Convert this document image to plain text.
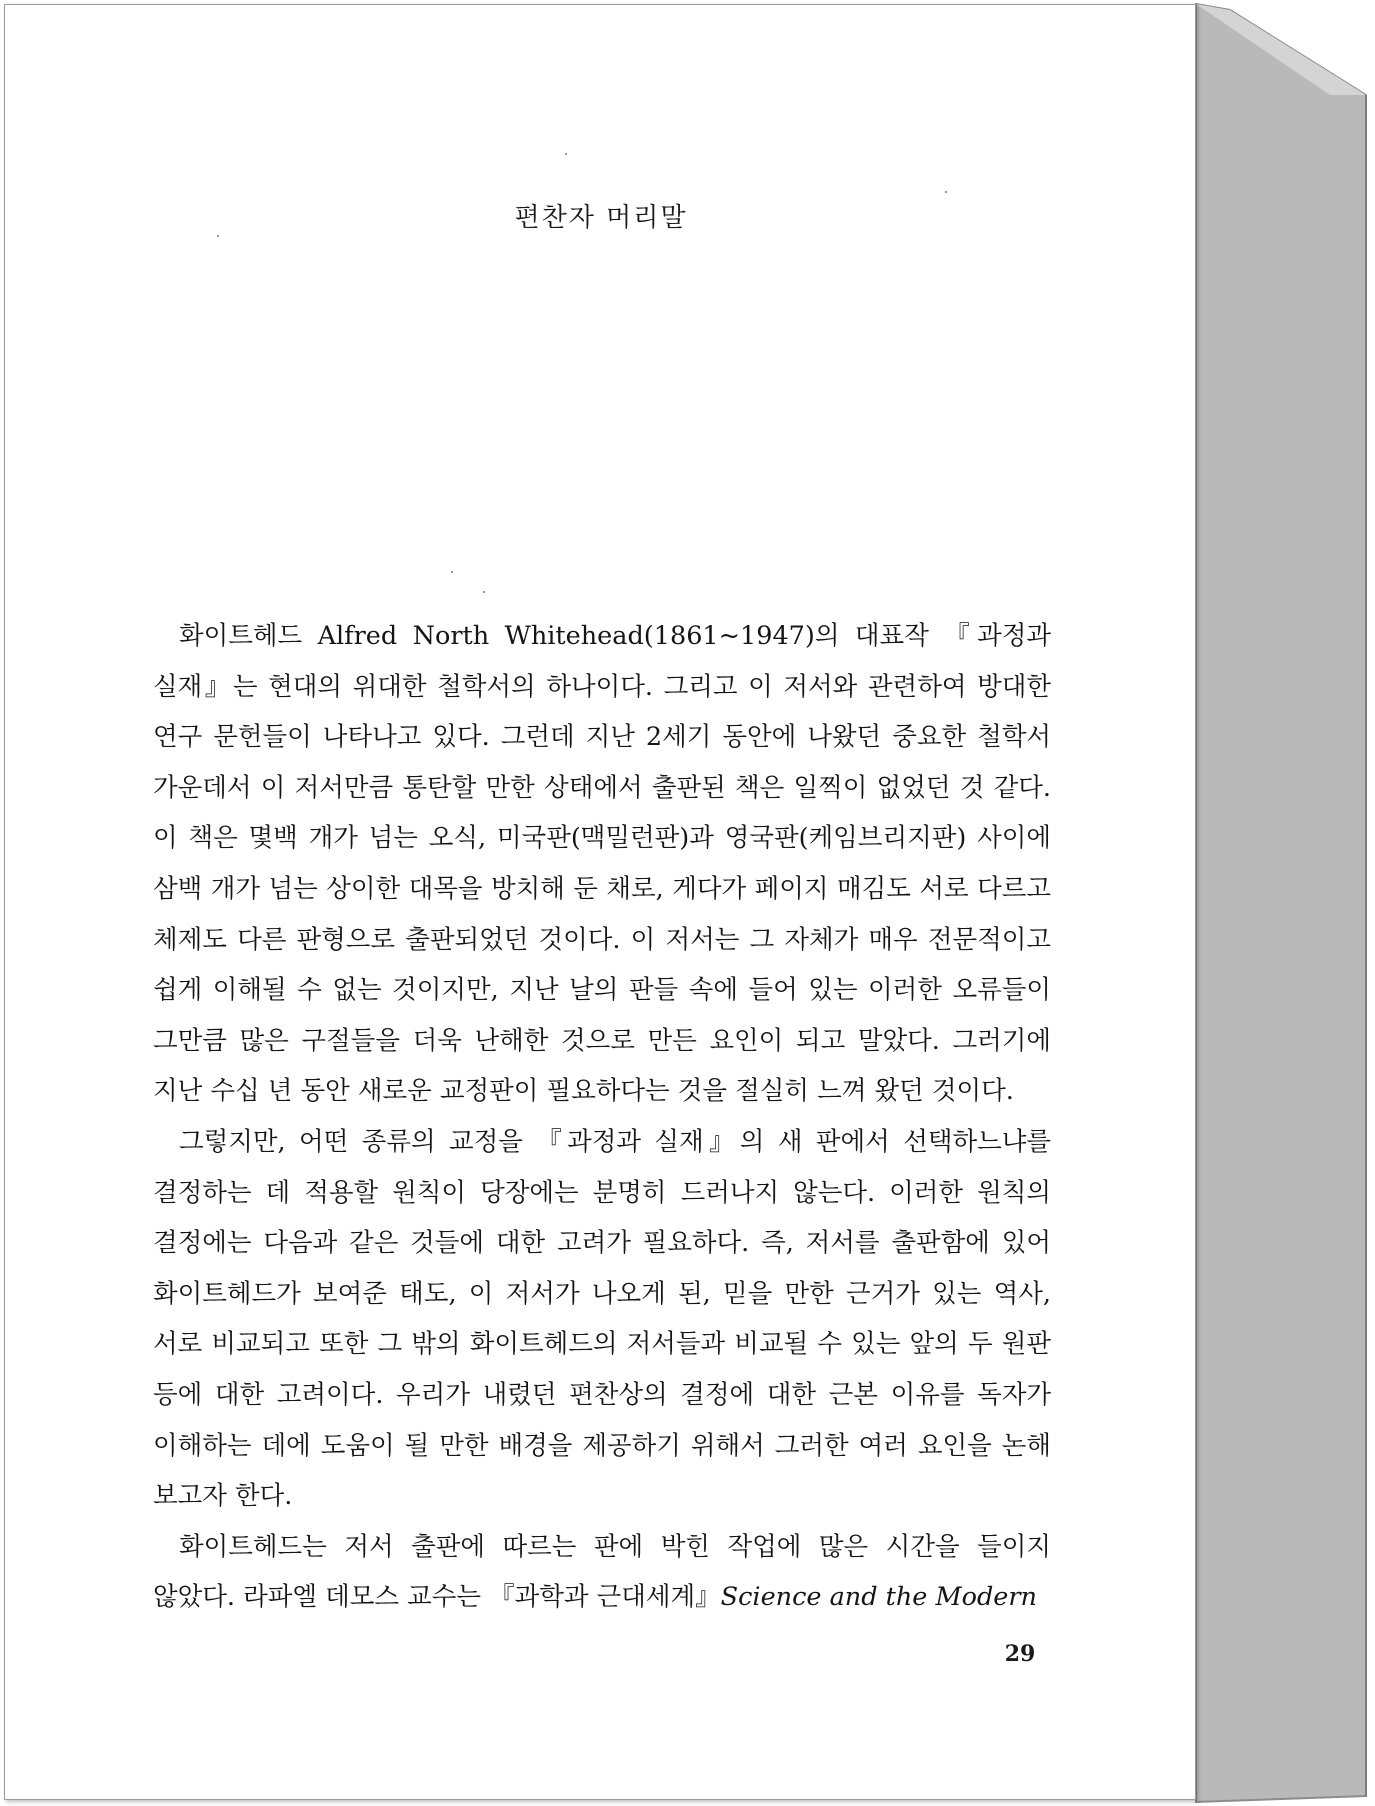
편찬자 머리말

화이트헤드 Alfred North Whitehead(1861~1947)의 대표작 『과정과 실재』는 현대의 위대한 철학서의 하나이다. 그리고 이 저서와 관련하여 방대한 연구 문헌들이 나타나고 있다. 그런데 지난 2세기 동안에 나왔던 중요한 철학서 가운데서 이 저서만큼 통탄할 만한 상태에서 출판된 책은 일찍이 없었던 것 같다. 이 책은 몇백 개가 넘는 오식, 미국판(맥밀런판)과 영국판(케임브리지판) 사이에 삼백 개가 넘는 상이한 대목을 방치해 둔 채로, 게다가 페이지 매김도 서로 다르고 체제도 다른 판형으로 출판되었던 것이다. 이 저서는 그 자체가 매우 전문적이고 쉽게 이해될 수 없는 것이지만, 지난 날의 판들 속에 들어 있는 이러한 오류들이 그만큼 많은 구절들을 더욱 난해한 것으로 만든 요인이 되고 말았다. 그러기에 지난 수십 년 동안 새로운 교정판이 필요하다는 것을 절실히 느껴 왔던 것이다.

그렇지만, 어떤 종류의 교정을 『과정과 실재』의 새 판에서 선택하느냐를 결정하는 데 적용할 원칙이 당장에는 분명히 드러나지 않는다. 이러한 원칙의 결정에는 다음과 같은 것들에 대한 고려가 필요하다. 즉, 저서를 출판함에 있어 화이트헤드가 보여준 태도, 이 저서가 나오게 된, 믿을 만한 근거가 있는 역사, 서로 비교되고 또한 그 밖의 화이트헤드의 저서들과 비교될 수 있는 앞의 두 원판 등에 대한 고려이다. 우리가 내렸던 편찬상의 결정에 대한 근본 이유를 독자가 이해하는 데에 도움이 될 만한 배경을 제공하기 위해서 그러한 여러 요인을 논해 보고자 한다.

화이트헤드는 저서 출판에 따르는 판에 박힌 작업에 많은 시간을 들이지 않았다. 라파엘 데모스 교수는 『과학과 근대세계』Science and the Modern

29
